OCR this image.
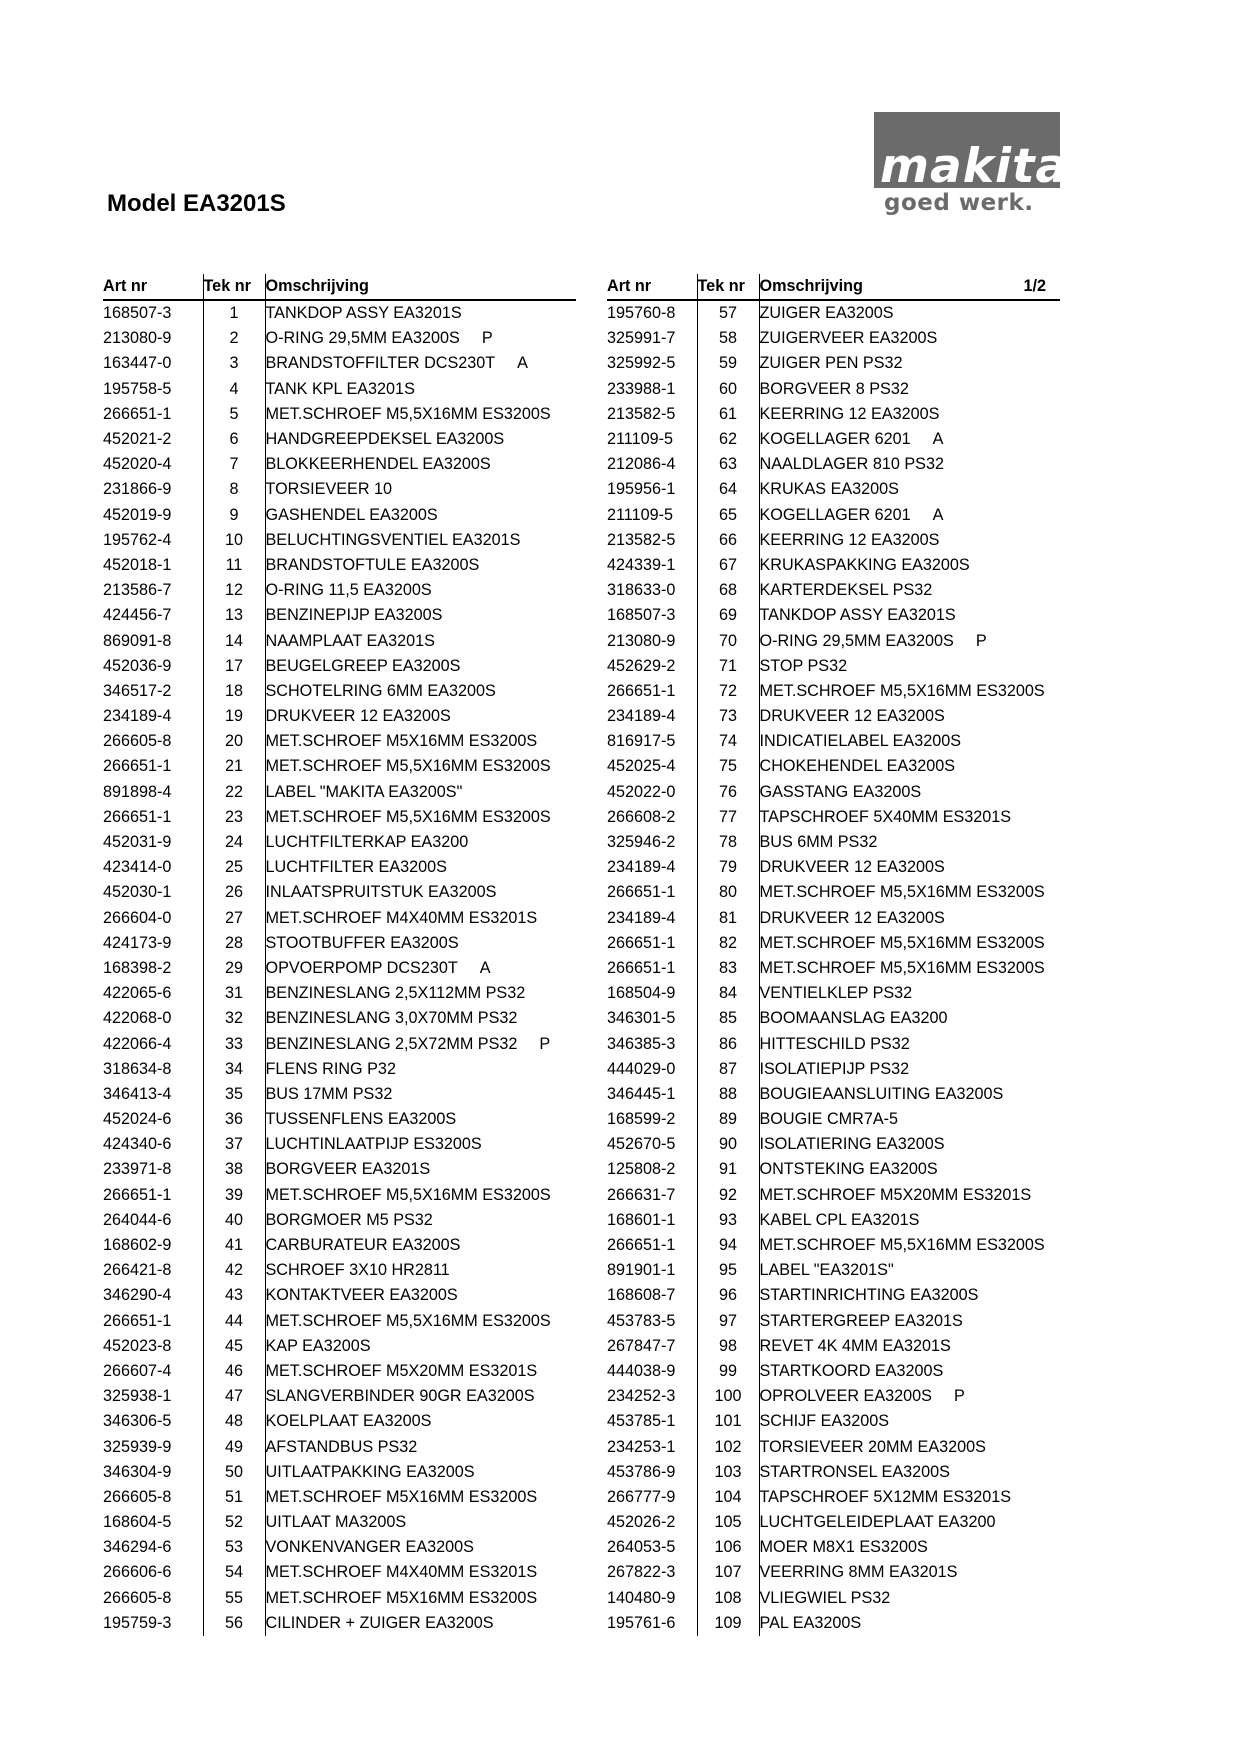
Model EA3201S
makita
goed werk.
Art nr	Tek nr	Omschrijving
168507-3	1	TANKDOP ASSY EA3201S
213080-9	2	O-RING 29,5MM EA3200S P
163447-0	3	BRANDSTOFFILTER DCS230T A
195758-5	4	TANK KPL EA3201S
266651-1	5	MET.SCHROEF M5,5X16MM ES3200S
452021-2	6	HANDGREEPDEKSEL EA3200S
452020-4	7	BLOKKEERHENDEL EA3200S
231866-9	8	TORSIEVEER 10
452019-9	9	GASHENDEL EA3200S
195762-4	10	BELUCHTINGSVENTIEL EA3201S
452018-1	11	BRANDSTOFTULE EA3200S
213586-7	12	O-RING 11,5 EA3200S
424456-7	13	BENZINEPIJP EA3200S
869091-8	14	NAAMPLAAT EA3201S
452036-9	17	BEUGELGREEP EA3200S
346517-2	18	SCHOTELRING 6MM EA3200S
234189-4	19	DRUKVEER 12 EA3200S
266605-8	20	MET.SCHROEF M5X16MM ES3200S
266651-1	21	MET.SCHROEF M5,5X16MM ES3200S
891898-4	22	LABEL "MAKITA EA3200S"
266651-1	23	MET.SCHROEF M5,5X16MM ES3200S
452031-9	24	LUCHTFILTERKAP EA3200
423414-0	25	LUCHTFILTER EA3200S
452030-1	26	INLAATSPRUITSTUK EA3200S
266604-0	27	MET.SCHROEF M4X40MM ES3201S
424173-9	28	STOOTBUFFER EA3200S
168398-2	29	OPVOERPOMP DCS230T A
422065-6	31	BENZINESLANG 2,5X112MM PS32
422068-0	32	BENZINESLANG 3,0X70MM PS32
422066-4	33	BENZINESLANG 2,5X72MM PS32 P
318634-8	34	FLENS RING P32
346413-4	35	BUS 17MM PS32
452024-6	36	TUSSENFLENS EA3200S
424340-6	37	LUCHTINLAATPIJP ES3200S
233971-8	38	BORGVEER EA3201S
266651-1	39	MET.SCHROEF M5,5X16MM ES3200S
264044-6	40	BORGMOER M5 PS32
168602-9	41	CARBURATEUR EA3200S
266421-8	42	SCHROEF 3X10 HR2811
346290-4	43	KONTAKTVEER EA3200S
266651-1	44	MET.SCHROEF M5,5X16MM ES3200S
452023-8	45	KAP EA3200S
266607-4	46	MET.SCHROEF M5X20MM ES3201S
325938-1	47	SLANGVERBINDER 90GR EA3200S
346306-5	48	KOELPLAAT EA3200S
325939-9	49	AFSTANDBUS PS32
346304-9	50	UITLAATPAKKING EA3200S
266605-8	51	MET.SCHROEF M5X16MM ES3200S
168604-5	52	UITLAAT MA3200S
346294-6	53	VONKENVANGER EA3200S
266606-6	54	MET.SCHROEF M4X40MM ES3201S
266605-8	55	MET.SCHROEF M5X16MM ES3200S
195759-3	56	CILINDER + ZUIGER EA3200S
Art nr	Tek nr	Omschrijving 1/2

195760-8	57	ZUIGER EA3200S
325991-7	58	ZUIGERVEER EA3200S
325992-5	59	ZUIGER PEN PS32
233988-1	60	BORGVEER 8 PS32
213582-5	61	KEERRING 12 EA3200S
211109-5	62	KOGELLAGER 6201 A
212086-4	63	NAALDLAGER 810 PS32
195956-1	64	KRUKAS EA3200S
211109-5	65	KOGELLAGER 6201 A
213582-5	66	KEERRING 12 EA3200S
424339-1	67	KRUKASPAKKING EA3200S
318633-0	68	KARTERDEKSEL PS32
168507-3	69	TANKDOP ASSY EA3201S
213080-9	70	O-RING 29,5MM EA3200S P
452629-2	71	STOP PS32
266651-1	72	MET.SCHROEF M5,5X16MM ES3200S
234189-4	73	DRUKVEER 12 EA3200S
816917-5	74	INDICATIELABEL EA3200S
452025-4	75	CHOKEHENDEL EA3200S
452022-0	76	GASSTANG EA3200S
266608-2	77	TAPSCHROEF 5X40MM ES3201S
325946-2	78	BUS 6MM PS32
234189-4	79	DRUKVEER 12 EA3200S
266651-1	80	MET.SCHROEF M5,5X16MM ES3200S
234189-4	81	DRUKVEER 12 EA3200S
266651-1	82	MET.SCHROEF M5,5X16MM ES3200S
266651-1	83	MET.SCHROEF M5,5X16MM ES3200S
168504-9	84	VENTIELKLEP PS32
346301-5	85	BOOMAANSLAG EA3200
346385-3	86	HITTESCHILD PS32
444029-0	87	ISOLATIEPIJP PS32
346445-1	88	BOUGIEAANSLUITING EA3200S
168599-2	89	BOUGIE CMR7A-5
452670-5	90	ISOLATIERING EA3200S
125808-2	91	ONTSTEKING EA3200S
266631-7	92	MET.SCHROEF M5X20MM ES3201S
168601-1	93	KABEL CPL EA3201S
266651-1	94	MET.SCHROEF M5,5X16MM ES3200S
891901-1	95	LABEL "EA3201S"
168608-7	96	STARTINRICHTING EA3200S
453783-5	97	STARTERGREEP EA3201S
267847-7	98	REVET 4K 4MM EA3201S
444038-9	99	STARTKOORD EA3200S
234252-3	100	OPROLVEER EA3200S P
453785-1	101	SCHIJF EA3200S
234253-1	102	TORSIEVEER 20MM EA3200S
453786-9	103	STARTRONSEL EA3200S
266777-9	104	TAPSCHROEF 5X12MM ES3201S
452026-2	105	LUCHTGELEIDEPLAAT EA3200
264053-5	106	MOER M8X1 ES3200S
267822-3	107	VEERRING 8MM EA3201S
140480-9	108	VLIEGWIEL PS32
195761-6	109	PAL EA3200S
